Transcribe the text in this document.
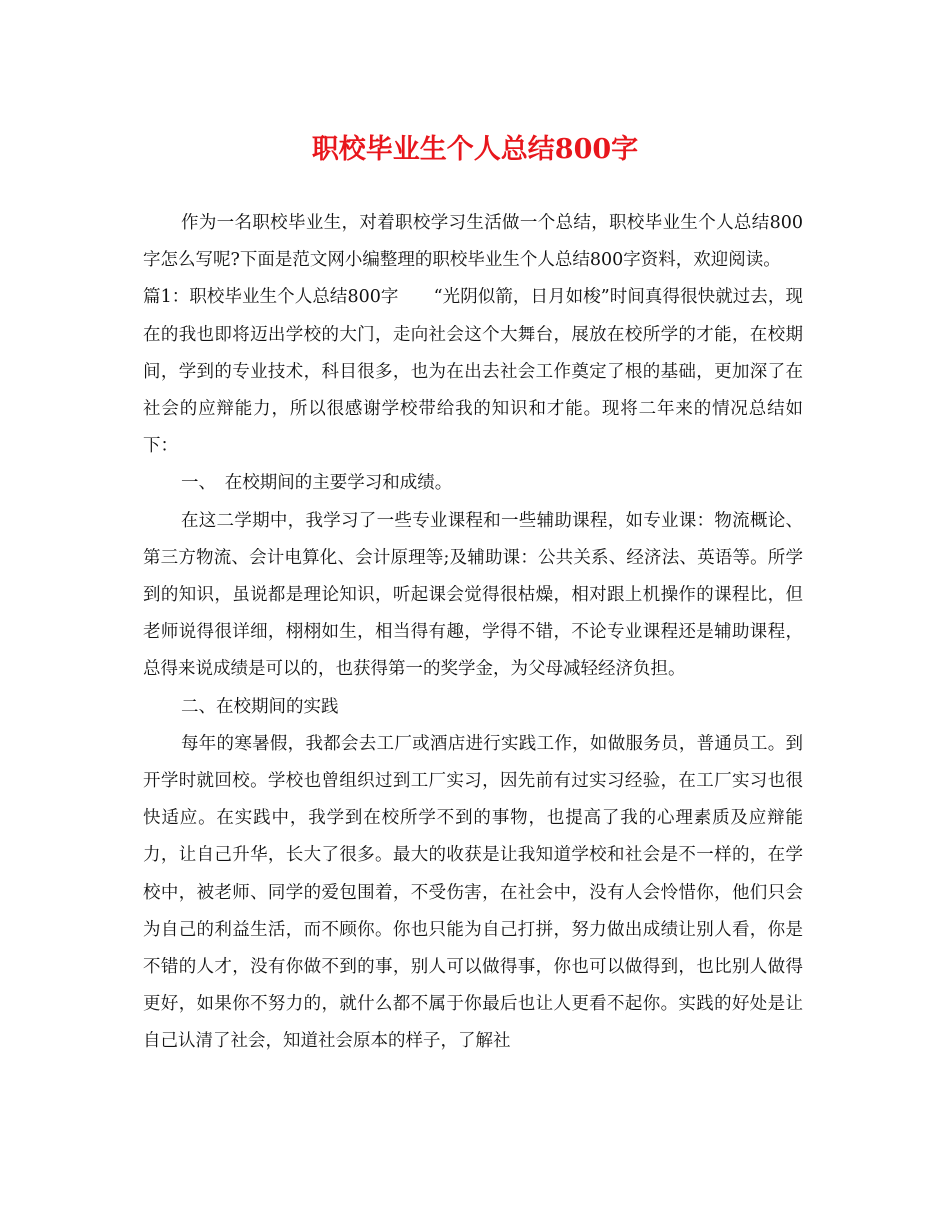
职校毕业生个人总结800字

作为一名职校毕业生，对着职校学习生活做一个总结，职校毕业生个人总结800字怎么写呢?下面是范文网小编整理的职校毕业生个人总结800字资料，欢迎阅读。

篇1：职校毕业生个人总结800字　　“光阴似箭，日月如梭”时间真得很快就过去，现在的我也即将迈出学校的大门，走向社会这个大舞台，展放在校所学的才能，在校期间，学到的专业技术，科目很多，也为在出去社会工作奠定了根的基础，更加深了在社会的应辩能力，所以很感谢学校带给我的知识和才能。现将二年来的情况总结如下：

一、　在校期间的主要学习和成绩。

在这二学期中，我学习了一些专业课程和一些辅助课程，如专业课：物流概论、第三方物流、会计电算化、会计原理等;及辅助课：公共关系、经济法、英语等。所学到的知识，虽说都是理论知识，听起课会觉得很枯燥，相对跟上机操作的课程比，但老师说得很详细，栩栩如生，相当得有趣，学得不错，不论专业课程还是辅助课程，总得来说成绩是可以的，也获得第一的奖学金，为父母减轻经济负担。

二、在校期间的实践

每年的寒暑假，我都会去工厂或酒店进行实践工作，如做服务员，普通员工。到开学时就回校。学校也曾组织过到工厂实习，因先前有过实习经验，在工厂实习也很快适应。在实践中，我学到在校所学不到的事物，也提高了我的心理素质及应辩能力，让自己升华，长大了很多。最大的收获是让我知道学校和社会是不一样的，在学校中，被老师、同学的爱包围着，不受伤害，在社会中，没有人会怜惜你，他们只会为自己的利益生活，而不顾你。你也只能为自己打拼，努力做出成绩让别人看，你是不错的人才，没有你做不到的事，别人可以做得事，你也可以做得到，也比别人做得更好，如果你不努力的，就什么都不属于你最后也让人更看不起你。实践的好处是让自己认清了社会，知道社会原本的样子，了解社
